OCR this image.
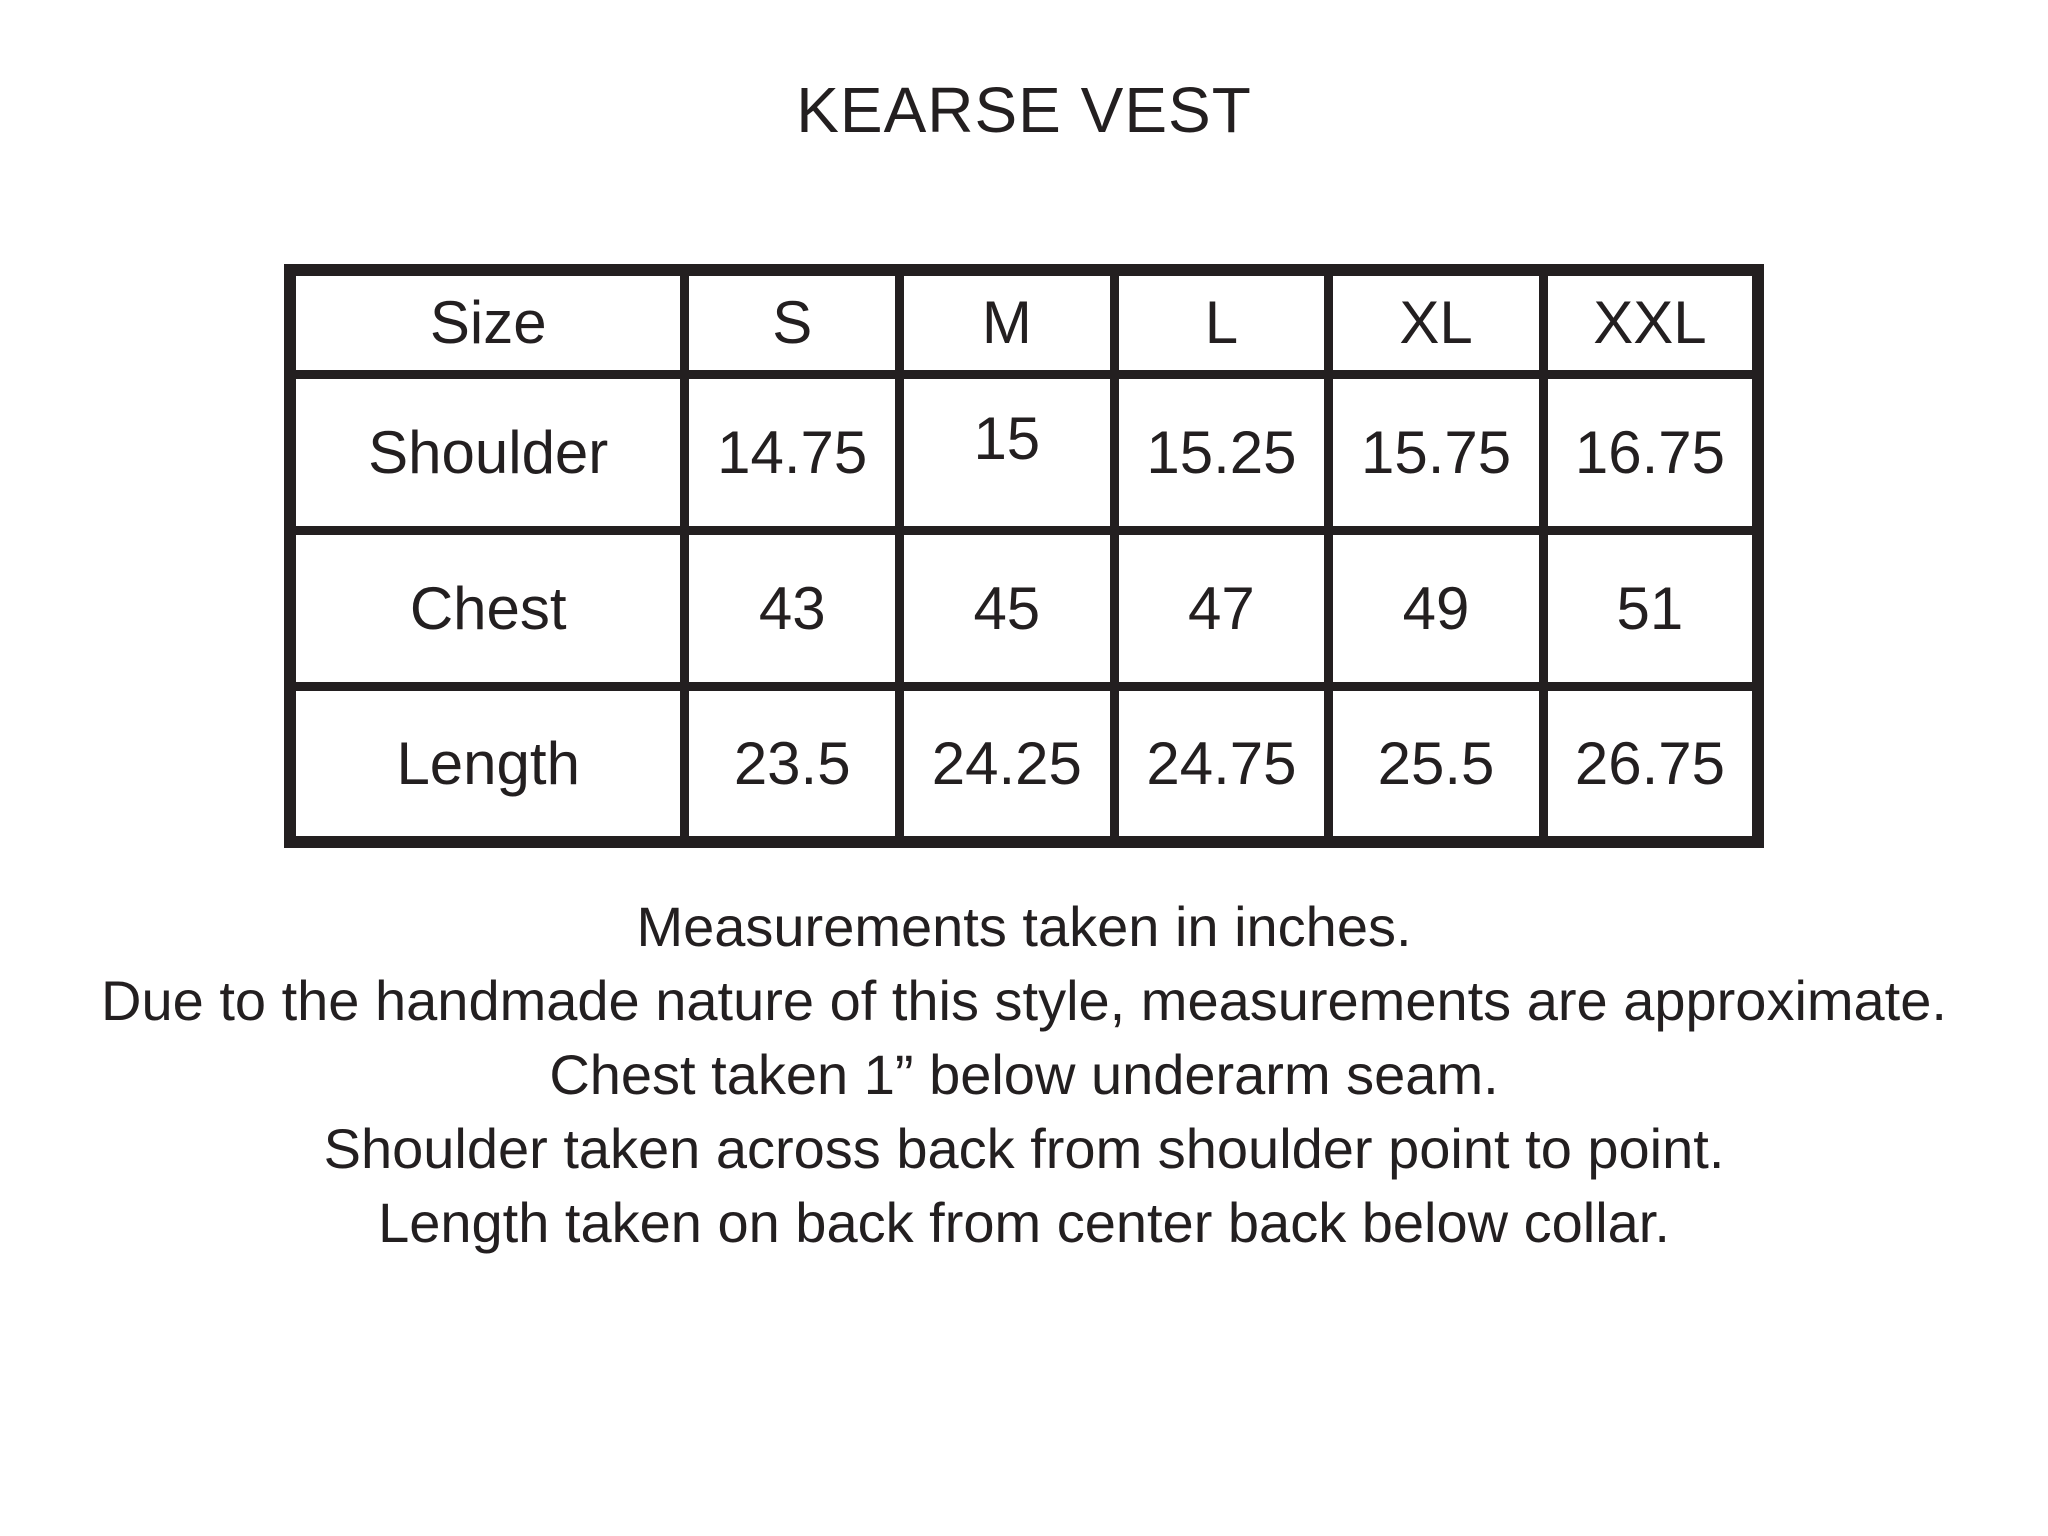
KEARSE VEST
Size	S	M	L	XL	XXL
Shoulder	14.75	15	15.25	15.75	16.75
Chest	43	45	47	49	51
Length	23.5	24.25	24.75	25.5	26.75

Measurements taken in inches.

Due to the handmade nature of this style, measurements are approximate.

Chest taken 1” below underarm seam.

Shoulder taken across back from shoulder point to point.

Length taken on back from center back below collar.
